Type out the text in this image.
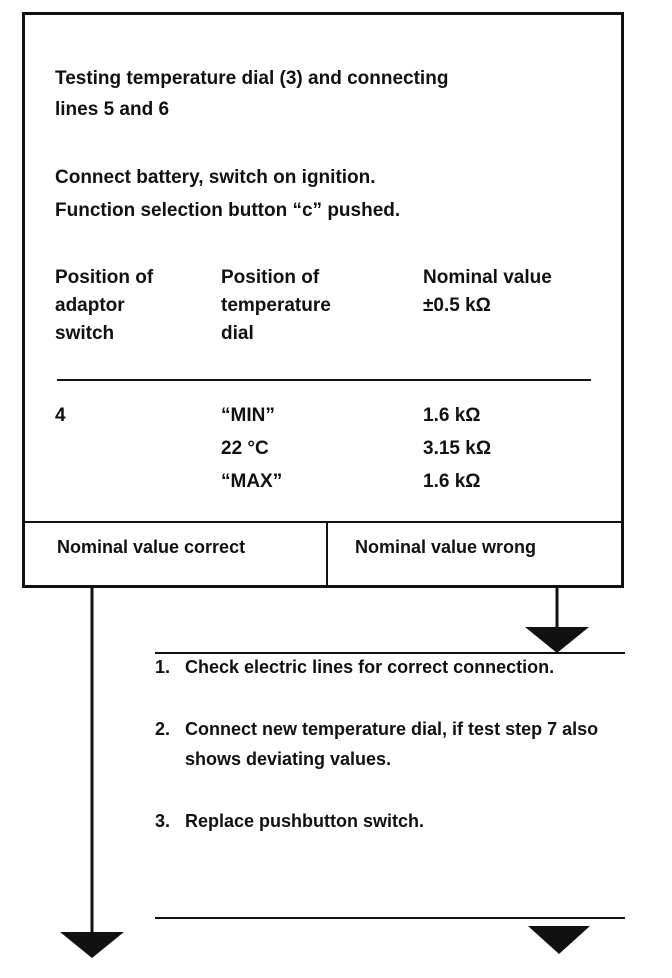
Testing temperature dial (3) and connecting
lines 5 and 6
Connect battery, switch on ignition.
Function selection button “c” pushed.
Position of
adaptor
switch
Position of
temperature
dial
Nominal value
±0.5 kΩ
4	“MIN”
22 °C
“MAX”
1.6 kΩ
3.15 kΩ
1.6 kΩ
Nominal value correct	Nominal value wrong
1. Check electric lines for correct connection.
2. Connect new temperature dial, if test step 7 also shows deviating values.
3. Replace pushbutton switch.
